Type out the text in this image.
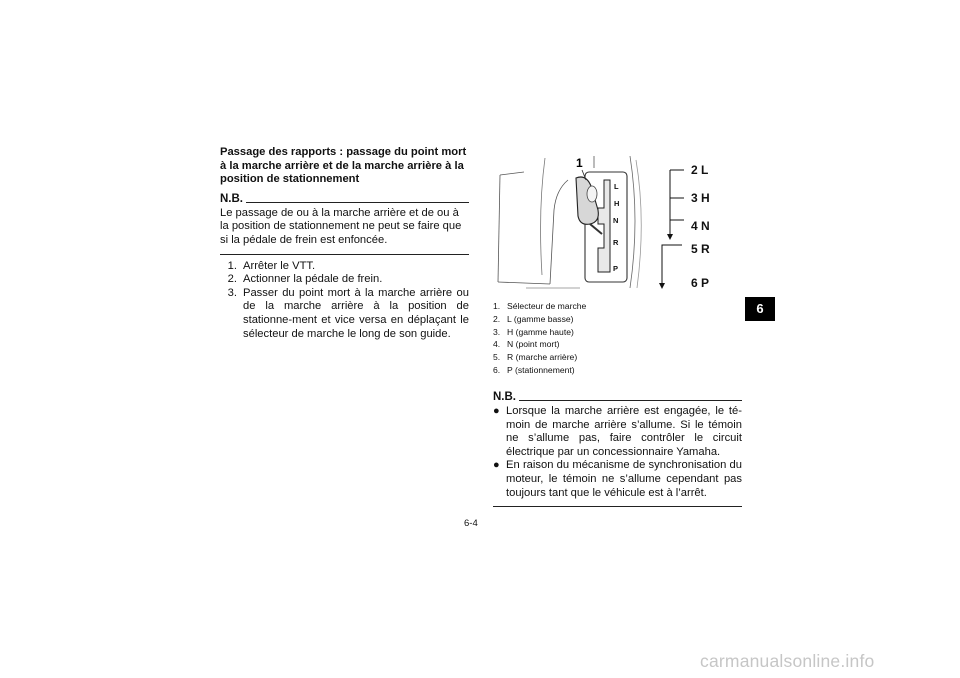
Passage des rapports : passage du point mort à la marche arrière et de la marche arrière à la position de stationnement

N.B.

Le passage de ou à la marche arrière et de ou à la position de stationnement ne peut se faire que si la pédale de frein est enfoncée.

1. Arrêter le VTT.
2. Actionner la pédale de frein.
3. Passer du point mort à la marche arrière ou de la marche arrière à la position de stationne-ment et vice versa en déplaçant le sélecteur de marche le long de son guide.
1
L
H
N
R
P
2 L
3 H
4 N
5 R
6 P
1. Sélecteur de marche
2. L (gamme basse)
3. H (gamme haute)
4. N (point mort)
5. R (marche arrière)
6. P (stationnement)
N.B.
● Lorsque la marche arrière est engagée, le té-moin de marche arrière s’allume. Si le témoin ne s’allume pas, faire contrôler le circuit électrique par un concessionnaire Yamaha.
● En raison du mécanisme de synchronisation du moteur, le témoin ne s’allume cependant pas toujours tant que le véhicule est à l’arrêt.
6
6-4
carmanualsonline.info
